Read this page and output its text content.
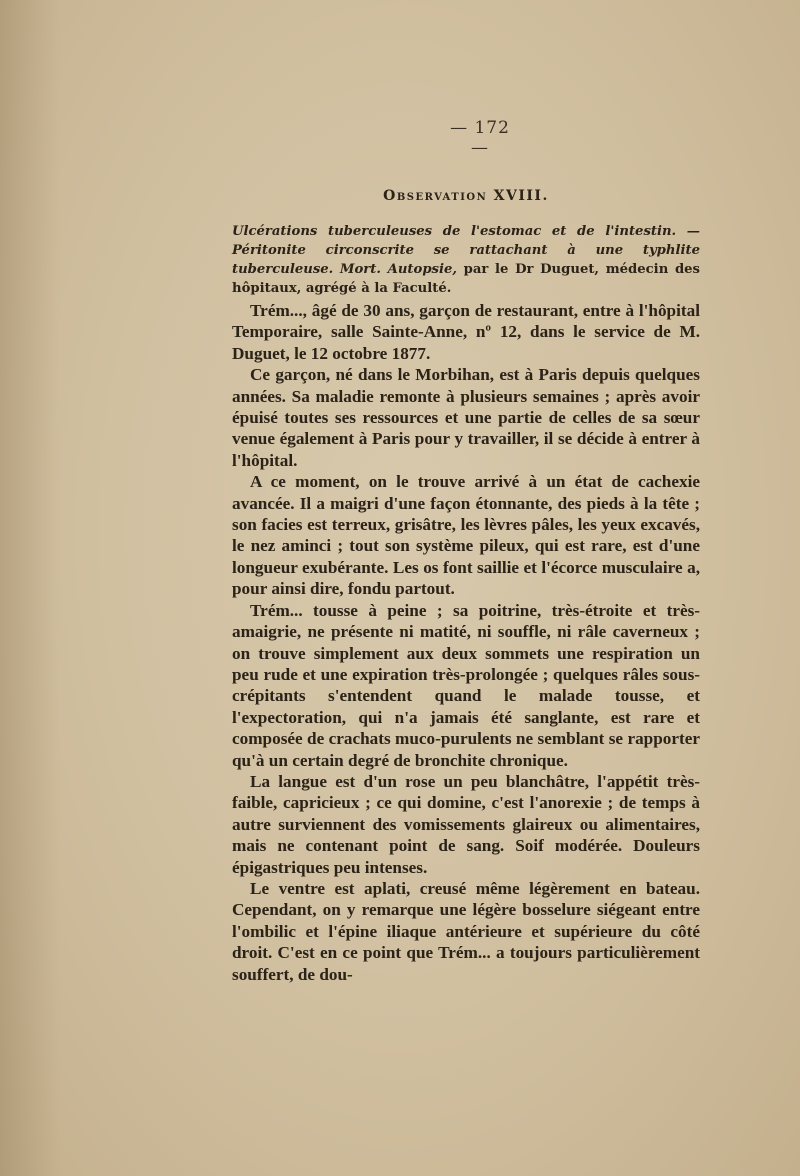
— 172 —
Observation XVIII.
Ulcérations tuberculeuses de l'estomac et de l'intestin. — Péritonite circonscrite se rattachant à une typhlite tuberculeuse. Mort. Autopsie, par le Dr Duguet, médecin des hôpitaux, agrégé à la Faculté.

Trém..., âgé de 30 ans, garçon de restaurant, entre à l'hôpital Temporaire, salle Sainte-Anne, nº 12, dans le service de M. Duguet, le 12 octobre 1877.

Ce garçon, né dans le Morbihan, est à Paris depuis quelques années. Sa maladie remonte à plusieurs semaines ; après avoir épuisé toutes ses ressources et une partie de celles de sa sœur venue également à Paris pour y travailler, il se décide à entrer à l'hôpital.

A ce moment, on le trouve arrivé à un état de cachexie avancée. Il a maigri d'une façon étonnante, des pieds à la tête ; son facies est terreux, grisâtre, les lèvres pâles, les yeux excavés, le nez aminci ; tout son système pileux, qui est rare, est d'une longueur exubérante. Les os font saillie et l'écorce musculaire a, pour ainsi dire, fondu partout.

Trém... tousse à peine ; sa poitrine, très-étroite et très-amaigrie, ne présente ni matité, ni souffle, ni râle caverneux ; on trouve simplement aux deux sommets une respiration un peu rude et une expiration très-prolongée ; quelques râles sous-crépitants s'entendent quand le malade tousse, et l'expectoration, qui n'a jamais été sanglante, est rare et composée de crachats muco-purulents ne semblant se rapporter qu'à un certain degré de bronchite chronique.

La langue est d'un rose un peu blanchâtre, l'appétit très-faible, capricieux ; ce qui domine, c'est l'anorexie ; de temps à autre surviennent des vomissements glaireux ou alimentaires, mais ne contenant point de sang. Soif modérée. Douleurs épigastriques peu intenses.

Le ventre est aplati, creusé même légèrement en bateau. Cependant, on y remarque une légère bosselure siégeant entre l'ombilic et l'épine iliaque antérieure et supérieure du côté droit. C'est en ce point que Trém... a toujours particulièrement souffert, de dou-
